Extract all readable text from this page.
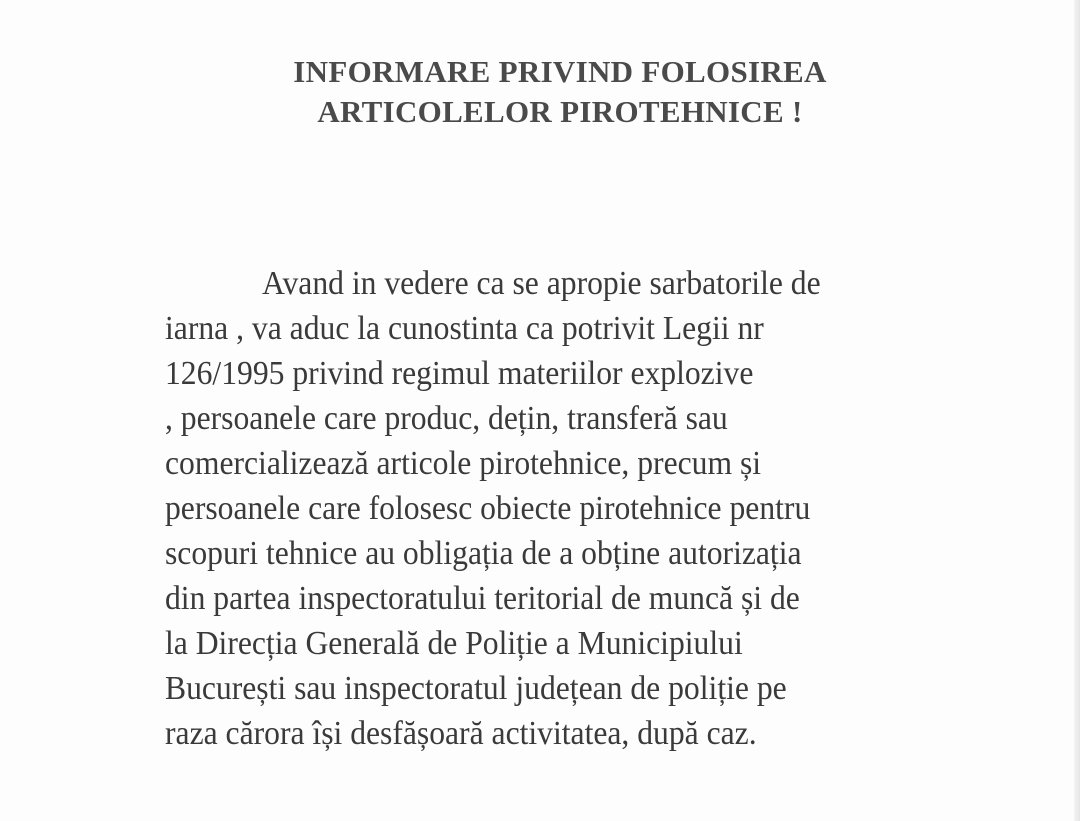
INFORMARE PRIVIND FOLOSIREA
ARTICOLELOR PIROTEHNICE !
Avand in vedere ca se apropie sarbatorile de
iarna , va aduc la cunostinta ca potrivit Legii nr
126/1995 privind regimul materiilor explozive
, persoanele care produc, dețin, transferă sau
comercializează articole pirotehnice, precum și
persoanele care folosesc obiecte pirotehnice pentru
scopuri tehnice au obligația de a obține autorizația
din partea inspectoratului teritorial de muncă și de
la Direcția Generală de Poliție a Municipiului
București sau inspectoratul județean de poliție pe
raza cărora își desfășoară activitatea, după caz.
